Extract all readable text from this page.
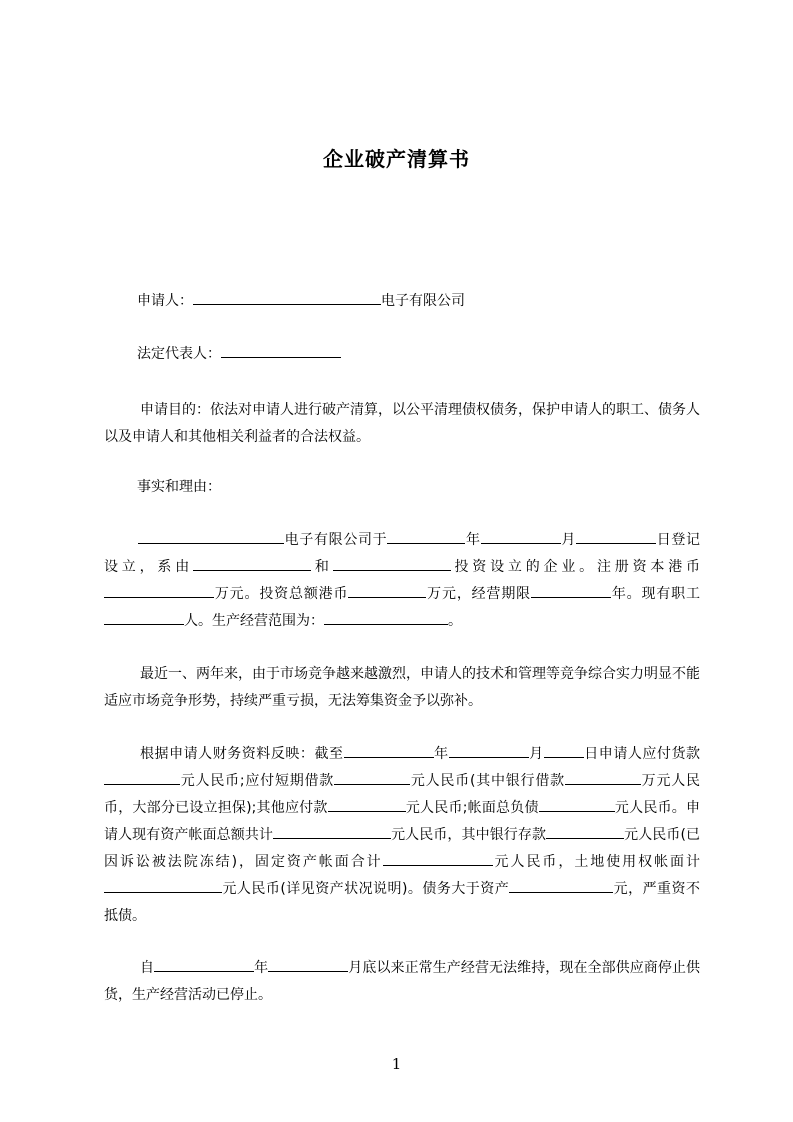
企业破产清算书
申请人：	电子有限公司
法定代表人：
申请目的：依法对申请人进行破产清算，以公平清理债权债务，保护申请人的职工、债务人以及申请人和其他相关利益者的合法权益。
事实和理由：
电子有限公司于	年	月	日登记设立，系由	和	投资设立的企业。注册资本港币万元。投资总额港币	万元，经营期限	年。现有职工人。生产经营范围为：	。
最近一、两年来，由于市场竞争越来越激烈，申请人的技术和管理等竞争综合实力明显不能适应市场竞争形势，持续严重亏损，无法筹集资金予以弥补。
根据申请人财务资料反映：截至	年	月	日申请人应付货款元人民币;应付短期借款	元人民币(其中银行借款	万元人民币，大部分已设立担保);其他应付款	元人民币;帐面总负债	元人民币。申请人现有资产帐面总额共计	元人民币，其中银行存款	元人民币(已因诉讼被法院冻结)，固定资产帐面合计	元人民币，土地使用权帐面计元人民币(详见资产状况说明)。债务大于资产	元，严重资不抵债。
自	年	月底以来正常生产经营无法维持，现在全部供应商停止供货，生产经营活动已停止。
1
